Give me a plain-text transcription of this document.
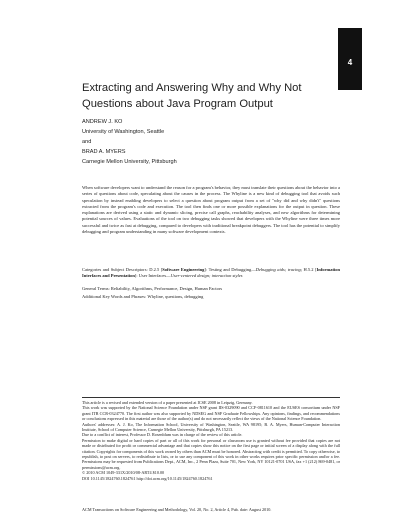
4
Extracting and Answering Why and Why Not Questions about Java Program Output
ANDREW J. KO
University of Washington, Seattle
and
BRAD A. MYERS
Carnegie Mellon University, Pittsburgh

When software developers want to understand the reason for a program's behavior, they must translate their questions about the behavior into a series of questions about code, speculating about the causes in the process. The Whyline is a new kind of debugging tool that avoids such speculation by instead enabling developers to select a question about program output from a set of "why did and why didn't" questions extracted from the program's code and execution. The tool then finds one or more possible explanations for the output in question. These explanations are derived using a static and dynamic slicing, precise call graphs, reachability analyses, and new algorithms for determining potential sources of values. Evaluations of the tool on two debugging tasks showed that developers with the Whyline were three times more successful and twice as fast at debugging, compared to developers with traditional breakpoint debuggers. The tool has the potential to simplify debugging and program understanding in many software development contexts.

Categories and Subject Descriptors: D.2.5 [Software Engineering]: Testing and Debugging—Debugging aids; tracing; H.5.2 [Information Interfaces and Presentation]: User Interfaces—User-centered design; interaction styles
General Terms: Reliability, Algorithms, Performance, Design, Human Factors
Additional Key Words and Phrases: Whyline, questions, debugging

This article is a revised and extended version of a paper presented at ICSE 2008 in Leipzig, Germany.

This work was supported by the National Science Foundation under NSF grant IIS-0329090 and CCF-0811610 and the EUSES consortium under NSF grant ITR CCR-0324770. The first author was also supported by NDSEG and NSF Graduate Fellowships. Any opinions, findings, and recommendations or conclusions expressed in this material are those of the author(s) and do not necessarily reflect the views of the National Science Foundation.

Authors' addresses: A. J. Ko, The Information School, University of Washington, Seattle, WA 98195; B. A. Myers, Human-Computer Interaction Institute, School of Computer Science, Carnegie Mellon University, Pittsburgh, PA 15213.

Due to a conflict of interest, Professor D. Rosenblum was in charge of the review of this article.

Permission to make digital or hard copies of part or all of this work for personal or classroom use is granted without fee provided that copies are not made or distributed for profit or commercial advantage and that copies show this notice on the first page or initial screen of a display along with the full citation. Copyrights for components of this work owned by others than ACM must be honored. Abstracting with credit is permitted. To copy otherwise, to republish, to post on servers, to redistribute to lists, or to use any component of this work in other works requires prior specific permission and/or a fee. Permissions may be requested from Publications Dept., ACM, Inc., 2 Penn Plaza, Suite 701, New York, NY 10121-0701 USA, fax +1 (212) 869-0481, or permissions@acm.org.

© 2010 ACM 1049-331X/2010/08-ART4 $10.00

DOI 10.1145/1824760.1824761 http://doi.acm.org/10.1145/1824760.1824761

ACM Transactions on Software Engineering and Methodology, Vol. 20, No. 2, Article 4, Pub. date: August 2010.
